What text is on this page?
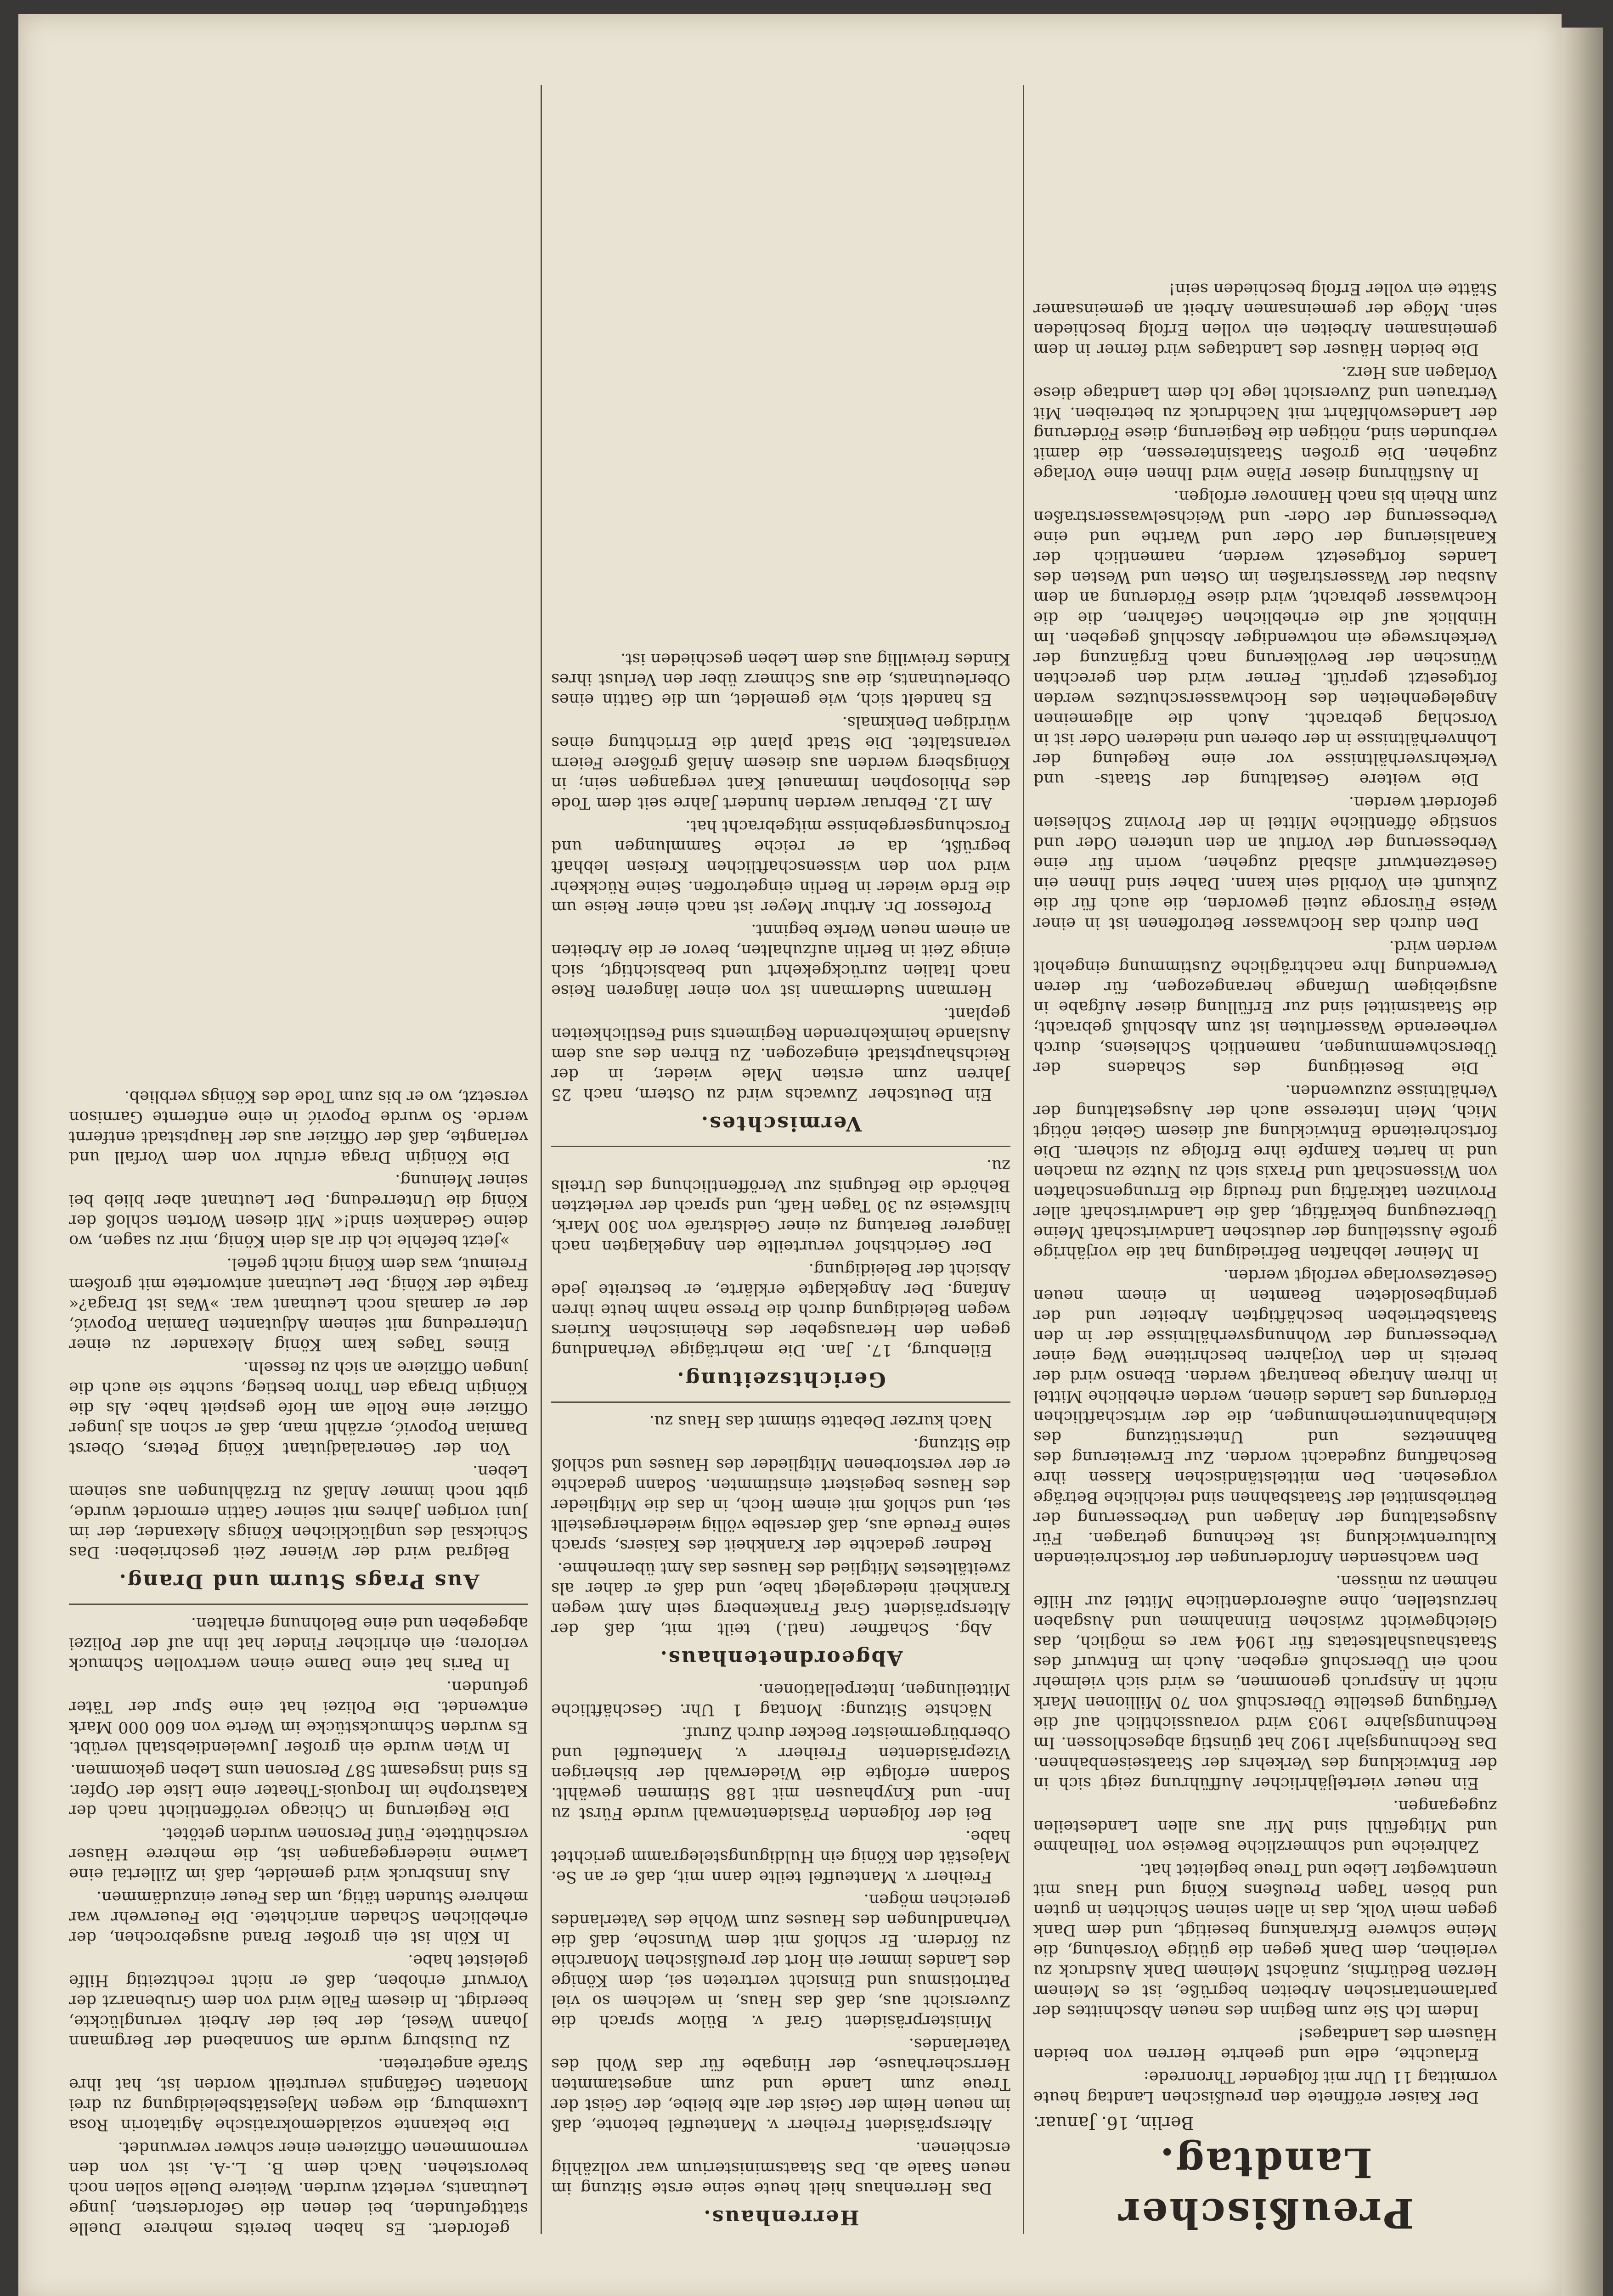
Preußischer Landtag.
Berlin, 16. Januar.

Der Kaiser eröffnete den preußischen Landtag heute vormittag 11 Uhr mit folgender Thronrede:

Erlauchte, edle und geehrte Herren von beiden Häusern des Landtages!

Indem Ich Sie zum Beginn des neuen Abschnittes der parlamentarischen Arbeiten begrüße, ist es Meinem Herzen Bedürfnis, zunächst Meinem Dank Ausdruck zu verleihen, dem Dank gegen die gütige Vorsehung, die Meine schwere Erkrankung beseitigt, und dem Dank gegen mein Volk, das in allen seinen Schichten in guten und bösen Tagen Preußens König und Haus mit unentwegter Liebe und Treue begleitet hat.

Zahlreiche und schmerzliche Beweise von Teilnahme und Mitgefühl sind Mir aus allen Landesteilen zugegangen.

Ein neuer vierteljährlicher Aufführung zeigt sich in der Entwicklung des Verkehrs der Staatseisenbahnen. Das Rechnungsjahr 1902 hat günstig abgeschlossen. Im Rechnungsjahre 1903 wird voraussichtlich auf die Verfügung gestellte Überschuß von 70 Millionen Mark nicht in Anspruch genommen, es wird sich vielmehr noch ein Überschuß ergeben. Auch im Entwurf des Staatshaushaltsetats für 1904 war es möglich, das Gleichgewicht zwischen Einnahmen und Ausgaben herzustellen, ohne außerordentliche Mittel zur Hilfe nehmen zu müssen.

Den wachsenden Anforderungen der fortschreitenden Kulturentwicklung ist Rechnung getragen. Für Ausgestaltung der Anlagen und Verbesserung der Betriebsmittel der Staatsbahnen sind reichliche Beträge vorgesehen. Den mittelständischen Klassen ihre Beschaffung zugedacht worden. Zur Erweiterung des Bahnnetzes und Unterstützung des Kleinbahnunternehmungen, die der wirtschaftlichen Förderung des Landes dienen, werden erhebliche Mittel in Ihrem Antrage beantragt werden. Ebenso wird der bereits in den Vorjahren beschrittene Weg einer Verbesserung der Wohnungsverhältnisse der in den Staatsbetrieben beschäftigten Arbeiter und der geringbesoldeten Beamten in einem neuen Gesetzesvorlage verfolgt werden.

In Meiner lebhaften Befriedigung hat die vorjährige große Ausstellung der deutschen Landwirtschaft Meine Überzeugung bekräftigt, daß die Landwirtschaft aller Provinzen tatkräftig und freudig die Errungenschaften von Wissenschaft und Praxis sich zu Nutze zu machen und in harten Kampfe ihre Erfolge zu sichern. Die fortschreitende Entwicklung auf diesem Gebiet nötigt Mich, Mein Interesse auch der Ausgestaltung der Verhältnisse zuzuwenden.

Die Beseitigung des Schadens der Überschwemmungen, namentlich Schlesiens, durch verheerende Wasserfluten ist zum Abschluß gebracht; die Staatsmittel sind zur Erfüllung dieser Aufgabe in ausgiebigem Umfange herangezogen, für deren Verwendung Ihre nachträgliche Zustimmung eingeholt werden wird.

Den durch das Hochwasser Betroffenen ist in einer Weise Fürsorge zuteil geworden, die auch für die Zukunft ein Vorbild sein kann. Daher sind Ihnen ein Gesetzentwurf alsbald zugehen, worin für eine Verbesserung der Vorflut an den unteren Oder und sonstige öffentliche Mittel in der Provinz Schlesien gefordert werden.

Die weitere Gestaltung der Staats- und Verkehrsverhältnisse vor eine Regelung der Lohnverhältnisse in der oberen und niederen Oder ist in Vorschlag gebracht. Auch die allgemeinen Angelegenheiten des Hochwasserschutzes werden fortgesetzt geprüft. Ferner wird den gerechten Wünschen der Bevölkerung nach Ergänzung der Verkehrswege ein notwendiger Abschluß gegeben. Im Hinblick auf die erheblichen Gefahren, die die Hochwasser gebracht, wird diese Förderung an dem Ausbau der Wasserstraßen im Osten und Westen des Landes fortgesetzt werden, namentlich der Kanalisierung der Oder und Warthe und eine Verbesserung der Oder- und Weichselwasserstraßen zum Rhein bis nach Hannover erfolgen.

In Ausführung dieser Pläne wird Ihnen eine Vorlage zugehen. Die großen Staatsinteressen, die damit verbunden sind, nötigen die Regierung, diese Förderung der Landeswohlfahrt mit Nachdruck zu betreiben. Mit Vertrauen und Zuversicht lege Ich dem Landtage diese Vorlagen ans Herz.

Die beiden Häuser des Landtages wird ferner in dem gemeinsamen Arbeiten ein vollen Erfolg beschieden sein. Möge der gemeinsamen Arbeit an gemeinsamer Stätte ein voller Erfolg beschieden sein!

Herrenhaus.

Das Herrenhaus hielt heute seine erste Sitzung im neuen Saale ab. Das Staatsministerium war vollzählig erschienen.

Alterspräsident Freiherr v. Manteuffel betonte, daß im neuen Heim der Geist der alte bleibe, der Geist der Treue zum Lande und zum angestammten Herrscherhause, der Hingabe für das Wohl des Vaterlandes.

Ministerpräsident Graf v. Bülow sprach die Zuversicht aus, daß das Haus, in welchem so viel Patriotismus und Einsicht vertreten sei, dem Könige des Landes immer ein Hort der preußischen Monarchie zu fördern. Er schloß mit dem Wunsche, daß die Verhandlungen des Hauses zum Wohle des Vaterlandes gereichen mögen.

Freiherr v. Manteuffel teilte dann mit, daß er an Se. Majestät den König ein Huldigungstelegramm gerichtet habe.

Bei der folgenden Präsidentenwahl wurde Fürst zu Inn- und Knyphausen mit 188 Stimmen gewählt. Sodann erfolgte die Wiederwahl der bisherigen Vizepräsidenten Freiherr v. Manteuffel und Oberbürgermeister Becker durch Zuruf.

Nächste Sitzung: Montag 1 Uhr. Geschäftliche Mitteilungen, Interpellationen.

Abgeordnetenhaus.

Abg. Schaffner (natl.) teilt mit, daß der Alterspräsident Graf Frankenberg sein Amt wegen Krankheit niedergelegt habe, und daß er daher als zweitältestes Mitglied des Hauses das Amt übernehme.

Redner gedachte der Krankheit des Kaisers, sprach seine Freude aus, daß derselbe völlig wiederhergestellt sei, und schloß mit einem Hoch, in das die Mitglieder des Hauses begeistert einstimmten. Sodann gedachte er der verstorbenen Mitglieder des Hauses und schloß die Sitzung.

Nach kurzer Debatte stimmt das Haus zu.

Gerichtszeitung.

Eilenburg, 17. Jan. Die mehrtägige Verhandlung gegen den Herausgeber des Rheinischen Kuriers wegen Beleidigung durch die Presse nahm heute ihren Anfang. Der Angeklagte erklärte, er bestreite jede Absicht der Beleidigung.

Der Gerichtshof verurteilte den Angeklagten nach längerer Beratung zu einer Geldstrafe von 300 Mark, hilfsweise zu 30 Tagen Haft, und sprach der verletzten Behörde die Befugnis zur Veröffentlichung des Urteils zu.

Vermischtes.

Ein Deutscher Zuwachs wird zu Ostern, nach 25 Jahren zum ersten Male wieder, in der Reichshauptstadt eingezogen. Zu Ehren des aus dem Auslande heimkehrenden Regiments sind Festlichkeiten geplant.

Hermann Sudermann ist von einer längeren Reise nach Italien zurückgekehrt und beabsichtigt, sich einige Zeit in Berlin aufzuhalten, bevor er die Arbeiten an einem neuen Werke beginnt.

Professor Dr. Arthur Meyer ist nach einer Reise um die Erde wieder in Berlin eingetroffen. Seine Rückkehr wird von den wissenschaftlichen Kreisen lebhaft begrüßt, da er reiche Sammlungen und Forschungsergebnisse mitgebracht hat.

Am 12. Februar werden hundert Jahre seit dem Tode des Philosophen Immanuel Kant vergangen sein; in Königsberg werden aus diesem Anlaß größere Feiern veranstaltet. Die Stadt plant die Errichtung eines würdigen Denkmals.

Es handelt sich, wie gemeldet, um die Gattin eines Oberleutnants, die aus Schmerz über den Verlust ihres Kindes freiwillig aus dem Leben geschieden ist.

gefordert. Es haben bereits mehrere Duelle stattgefunden, bei denen die Gefordersten, junge Leutnants, verletzt wurden. Weitere Duelle sollen noch bevorstehen. Nach dem B. L.-A. ist von den vernommenen Offizieren einer schwer verwundet.

Die bekannte sozialdemokratische Agitatorin Rosa Luxemburg, die wegen Majestätsbeleidigung zu drei Monaten Gefängnis verurteilt worden ist, hat ihre Strafe angetreten.

Zu Duisburg wurde am Sonnabend der Bergmann Johann Wesel, der bei der Arbeit verunglückte, beerdigt. In diesem Falle wird von dem Grubenarzt der Vorwurf erhoben, daß er nicht rechtzeitig Hilfe geleistet habe.

In Köln ist ein großer Brand ausgebrochen, der erheblichen Schaden anrichtete. Die Feuerwehr war mehrere Stunden tätig, um das Feuer einzudämmen.

Aus Innsbruck wird gemeldet, daß im Zillertal eine Lawine niedergegangen ist, die mehrere Häuser verschüttete. Fünf Personen wurden getötet.

Die Regierung in Chicago veröffentlicht nach der Katastrophe im Iroquois-Theater eine Liste der Opfer. Es sind insgesamt 587 Personen ums Leben gekommen.

In Wien wurde ein großer Juwelendiebstahl verübt. Es wurden Schmuckstücke im Werte von 600 000 Mark entwendet. Die Polizei hat eine Spur der Täter gefunden.

In Paris hat eine Dame einen wertvollen Schmuck verloren; ein ehrlicher Finder hat ihn auf der Polizei abgegeben und eine Belohnung erhalten.

Aus Prags Sturm und Drang.

Belgrad wird der Wiener Zeit geschrieben: Das Schicksal des unglücklichen Königs Alexander, der im Juni vorigen Jahres mit seiner Gattin ermordet wurde, gibt noch immer Anlaß zu Erzählungen aus seinem Leben.

Von der Generaladjutant König Peters, Oberst Damian Popović, erzählt man, daß er schon als junger Offizier eine Rolle am Hofe gespielt habe. Als die Königin Draga den Thron bestieg, suchte sie auch die jungen Offiziere an sich zu fesseln.

Eines Tages kam König Alexander zu einer Unterredung mit seinem Adjutanten Damian Popović, der er damals noch Leutnant war. »Was ist Draga?« fragte der König. Der Leutnant antwortete mit großem Freimut, was dem König nicht gefiel.

»Jetzt befehle ich dir als dein König, mir zu sagen, wo deine Gedanken sind!« Mit diesen Worten schloß der König die Unterredung. Der Leutnant aber blieb bei seiner Meinung.

Die Königin Draga erfuhr von dem Vorfall und verlangte, daß der Offizier aus der Hauptstadt entfernt werde. So wurde Popović in eine entfernte Garnison versetzt, wo er bis zum Tode des Königs verblieb.
